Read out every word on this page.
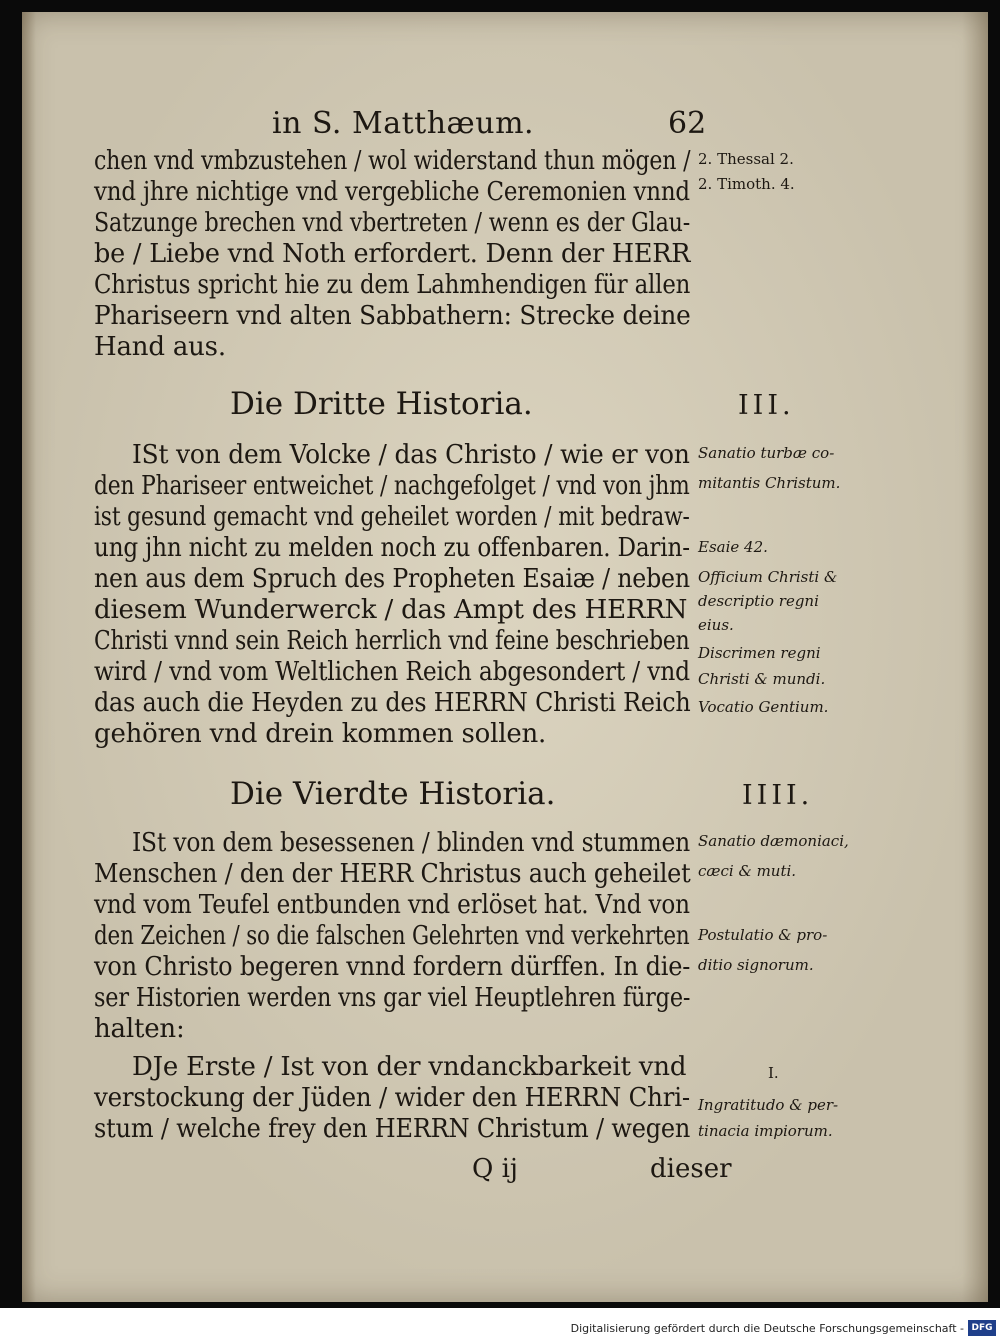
in S. Matthæum.	62
2. Thessal 2.
2. Timoth. 4.
chen vnd vmbzustehen / wol widerstand thun mögen /
vnd jhre nichtige vnd vergebliche Ceremonien vnnd
Satzunge brechen vnd vbertreten / wenn es der Glau-
be / Liebe vnd Noth erfordert. Denn der HERR
Christus spricht hie zu dem Lahmhendigen für allen
Phariseern vnd alten Sabbathern: Strecke deine
Hand aus.
Die Dritte Historia.	III.
ISt von dem Volcke / das Christo / wie er von
den Phariseer entweichet / nachgefolget / vnd von jhm
ist gesund gemacht vnd geheilet worden / mit bedraw-
ung jhn nicht zu melden noch zu offenbaren. Darin-
nen aus dem Spruch des Propheten Esaiæ / neben
diesem Wunderwerck / das Ampt des HERRN
Christi vnnd sein Reich herrlich vnd feine beschrieben
wird / vnd vom Weltlichen Reich abgesondert / vnd
das auch die Heyden zu des HERRN Christi Reich
gehören vnd drein kommen sollen.
Sanatio turbæ co-
mitantis Christum.
Esaie 42.
Officium Christi &
descriptio regni
eius.
Discrimen regni
Christi & mundi.
Vocatio Gentium.
Die Vierdte Historia.	IIII.
ISt von dem besessenen / blinden vnd stummen
Menschen / den der HERR Christus auch geheilet
vnd vom Teufel entbunden vnd erlöset hat. Vnd von
den Zeichen / so die falschen Gelehrten vnd verkehrten
von Christo begeren vnnd fordern dürffen. In die-
ser Historien werden vns gar viel Heuptlehren fürge-
halten:
Sanatio dæmoniaci,
cæci & muti.
Postulatio & pro-
ditio signorum.
DJe Erste / Ist von der vndanckbarkeit vnd
verstockung der Jüden / wider den HERRN Chri-
stum / welche frey den HERRN Christum / wegen
I.
Ingratitudo & per-
tinacia impiorum.
Q ij	dieser
Digitalisierung gefördert durch die Deutsche Forschungsgemeinschaft - DFG
